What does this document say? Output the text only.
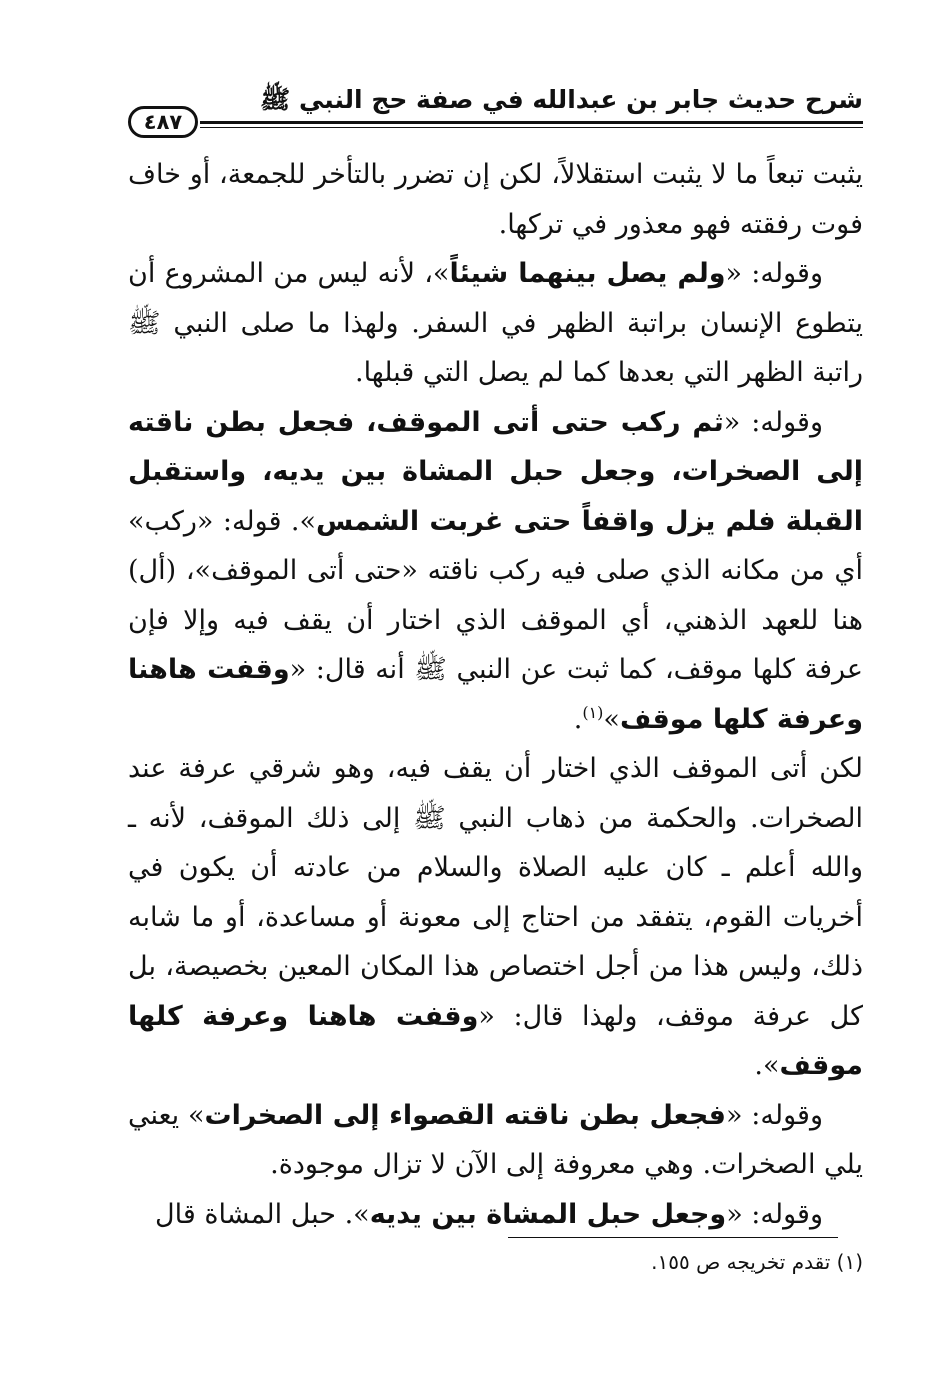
شرح حديث جابر بن عبدالله في صفة حج النبي ﷺ
٤٨٧

يثبت تبعاً ما لا يثبت استقلالاً، لكن إن تضرر بالتأخر للجمعة، أو خاف فوت رفقته فهو معذور في تركها.

وقوله: «ولم يصل بينهما شيئاً»، لأنه ليس من المشروع أن يتطوع الإنسان براتبة الظهر في السفر. ولهذا ما صلى النبي ﷺ راتبة الظهر التي بعدها كما لم يصل التي قبلها.

وقوله: «ثم ركب حتى أتى الموقف، فجعل بطن ناقته إلى الصخرات، وجعل حبل المشاة بين يديه، واستقبل القبلة فلم يزل واقفاً حتى غربت الشمس». قوله: «ركب» أي من مكانه الذي صلى فيه ركب ناقته «حتى أتى الموقف»، (أل) هنا للعهد الذهني، أي الموقف الذي اختار أن يقف فيه وإلا فإن عرفة كلها موقف، كما ثبت عن النبي ﷺ أنه قال: «وقفت هاهنا وعرفة كلها موقف»$^{(١)}$.

لكن أتى الموقف الذي اختار أن يقف فيه، وهو شرقي عرفة عند الصخرات. والحكمة من ذهاب النبي ﷺ إلى ذلك الموقف، لأنه ـ والله أعلم ـ كان عليه الصلاة والسلام من عادته أن يكون في أخريات القوم، يتفقد من احتاج إلى معونة أو مساعدة، أو ما شابه ذلك، وليس هذا من أجل اختصاص هذا المكان المعين بخصيصة، بل كل عرفة موقف، ولهذا قال: «وقفت هاهنا وعرفة كلها موقف».

وقوله: «فجعل بطن ناقته القصواء إلى الصخرات» يعني يلي الصخرات. وهي معروفة إلى الآن لا تزال موجودة.

وقوله: «وجعل حبل المشاة بين يديه». حبل المشاة قال

(١) تقدم تخريجه ص ١٥٥.
